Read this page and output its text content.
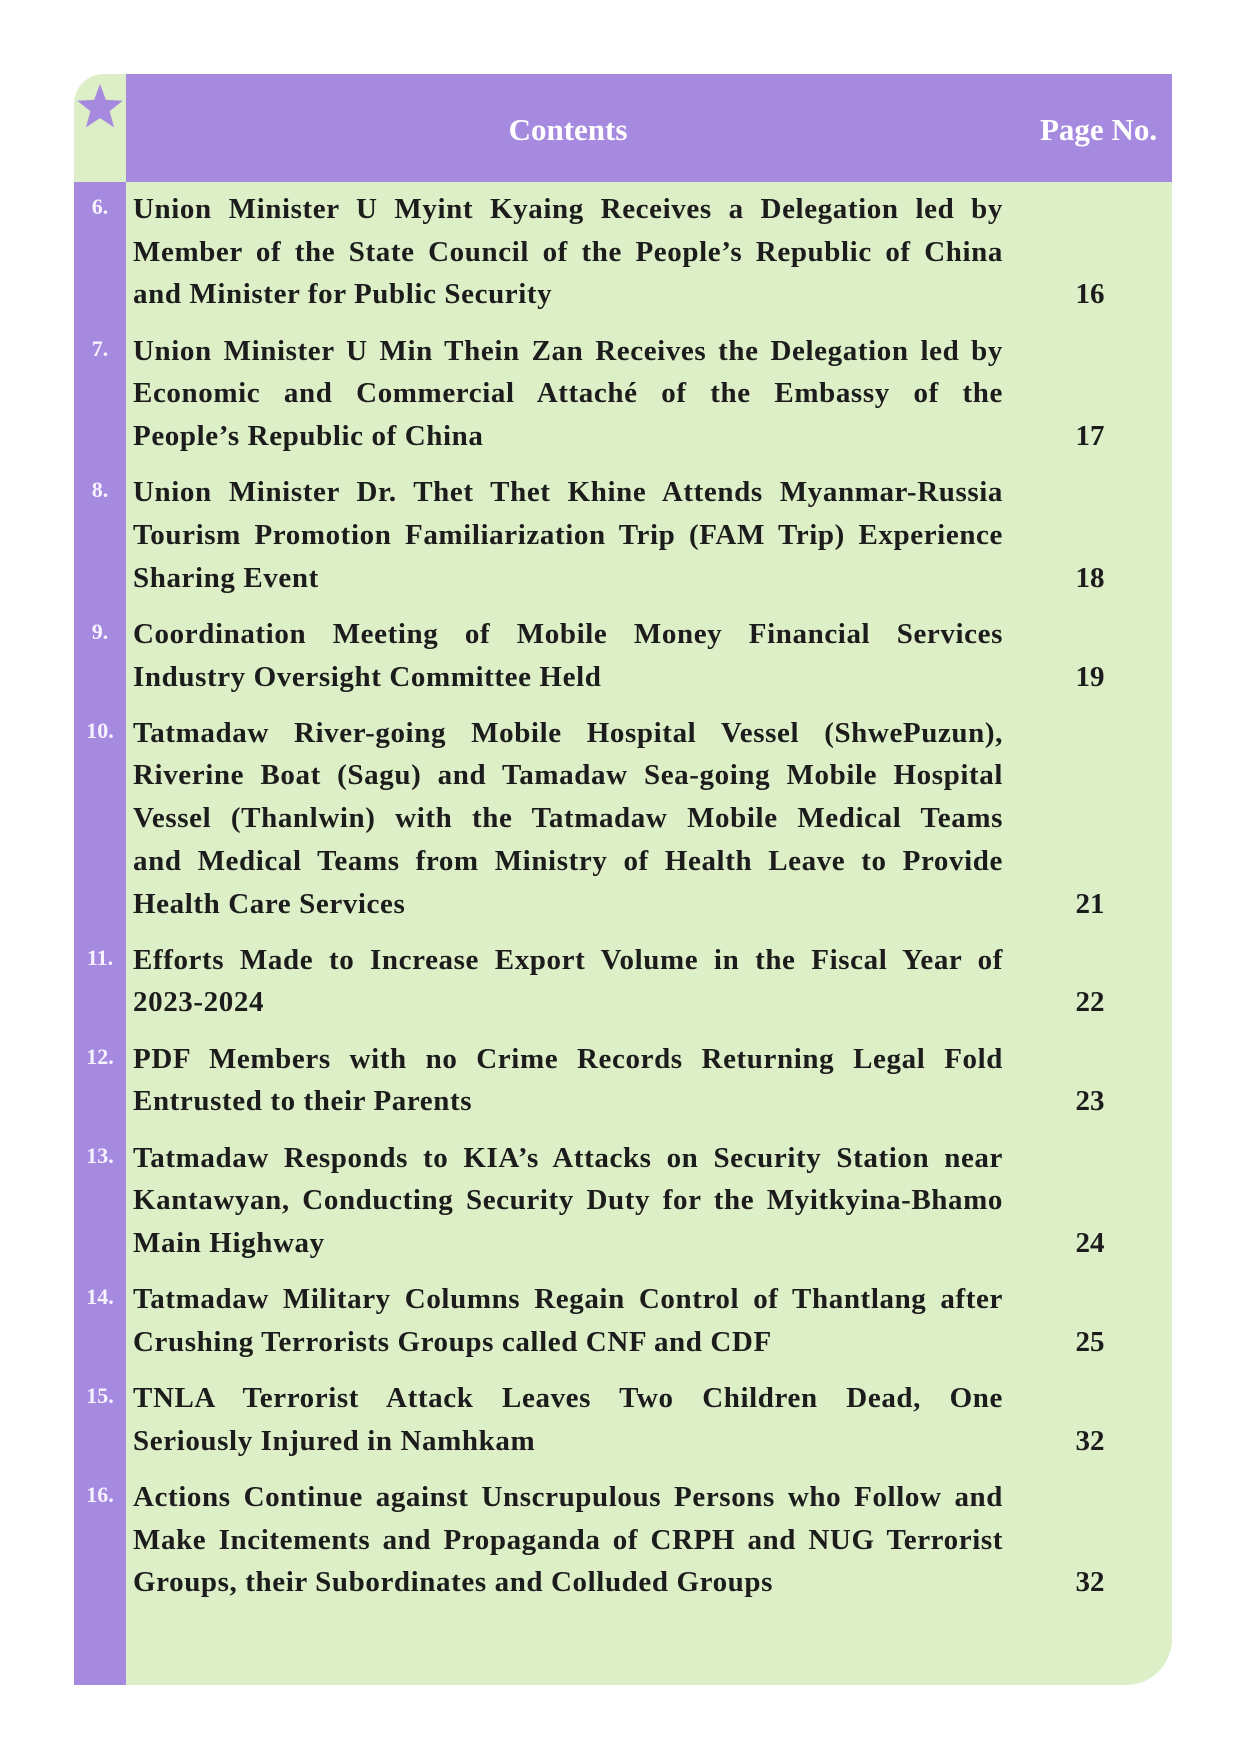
Contents	Page No.
6. Union Minister U Myint Kyaing Receives a Delegation led by
Member of the State Council of the People’s Republic of China
and Minister for Public Security	16
7. Union Minister U Min Thein Zan Receives the Delegation led by
Economic and Commercial Attaché of the Embassy of the
People’s Republic of China	17
8. Union Minister Dr. Thet Thet Khine Attends Myanmar-Russia
Tourism Promotion Familiarization Trip (FAM Trip) Experience
Sharing Event	18
9. Coordination Meeting of Mobile Money Financial Services
Industry Oversight Committee Held	19
10. Tatmadaw River-going Mobile Hospital Vessel (ShwePuzun),
Riverine Boat (Sagu) and Tamadaw Sea-going Mobile Hospital
Vessel (Thanlwin) with the Tatmadaw Mobile Medical Teams
and Medical Teams from Ministry of Health Leave to Provide
Health Care Services	21
11. Efforts Made to Increase Export Volume in the Fiscal Year of
2023-2024	22
12. PDF Members with no Crime Records Returning Legal Fold
Entrusted to their Parents	23
13. Tatmadaw Responds to KIA’s Attacks on Security Station near
Kantawyan, Conducting Security Duty for the Myitkyina-Bhamo
Main Highway	24
14. Tatmadaw Military Columns Regain Control of Thantlang after
Crushing Terrorists Groups called CNF and CDF	25
15. TNLA Terrorist Attack Leaves Two Children Dead, One
Seriously Injured in Namhkam	32
16. Actions Continue against Unscrupulous Persons who Follow and
Make Incitements and Propaganda of CRPH and NUG Terrorist
Groups, their Subordinates and Colluded Groups	32
